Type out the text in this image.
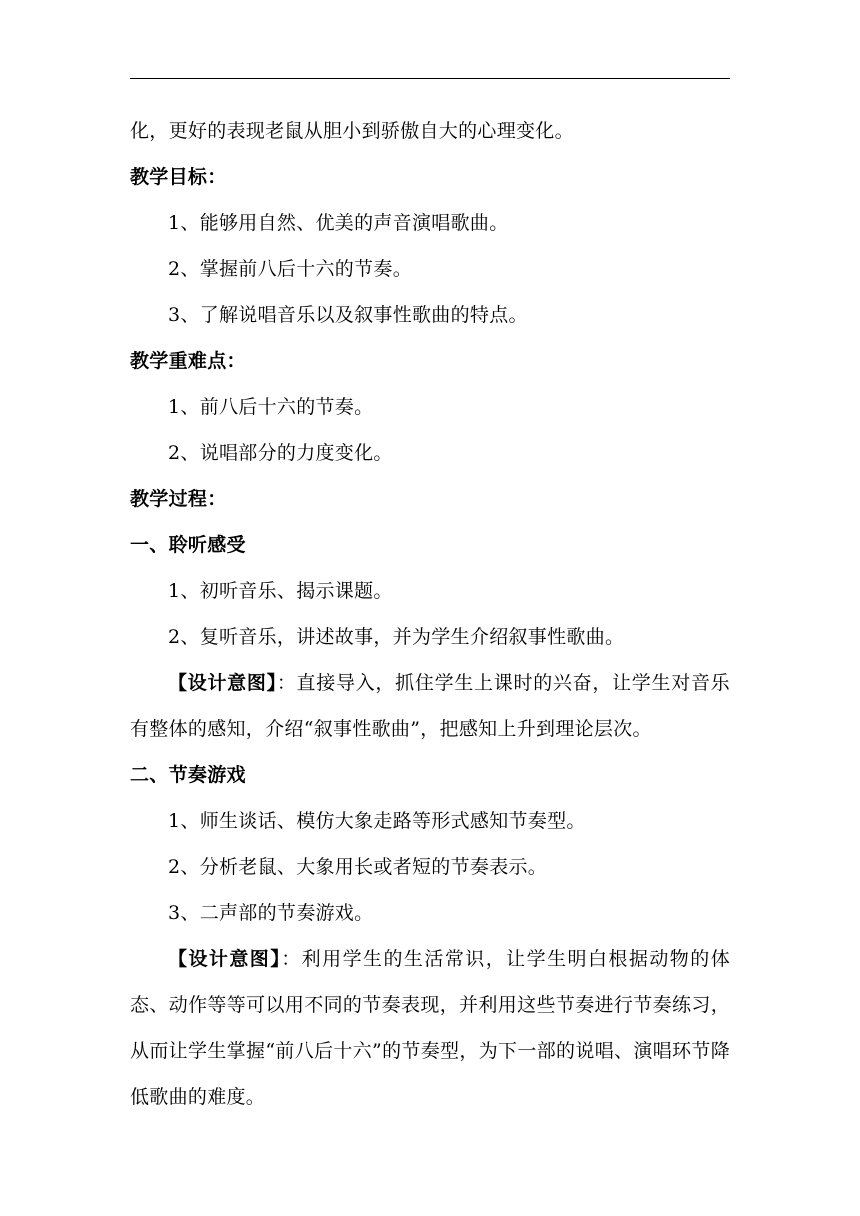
化，更好的表现老鼠从胆小到骄傲自大的心理变化。
教学目标：
1、能够用自然、优美的声音演唱歌曲。
2、掌握前八后十六的节奏。
3、了解说唱音乐以及叙事性歌曲的特点。
教学重难点：
1、前八后十六的节奏。
2、说唱部分的力度变化。
教学过程：
一、聆听感受
1、初听音乐、揭示课题。
2、复听音乐，讲述故事，并为学生介绍叙事性歌曲。
【设计意图】：直接导入，抓住学生上课时的兴奋，让学生对音乐有整体的感知，介绍“叙事性歌曲”，把感知上升到理论层次。
二、节奏游戏
1、师生谈话、模仿大象走路等形式感知节奏型。
2、分析老鼠、大象用长或者短的节奏表示。
3、二声部的节奏游戏。
【设计意图】：利用学生的生活常识，让学生明白根据动物的体态、动作等等可以用不同的节奏表现，并利用这些节奏进行节奏练习，从而让学生掌握“前八后十六”的节奏型，为下一部的说唱、演唱环节降低歌曲的难度。
